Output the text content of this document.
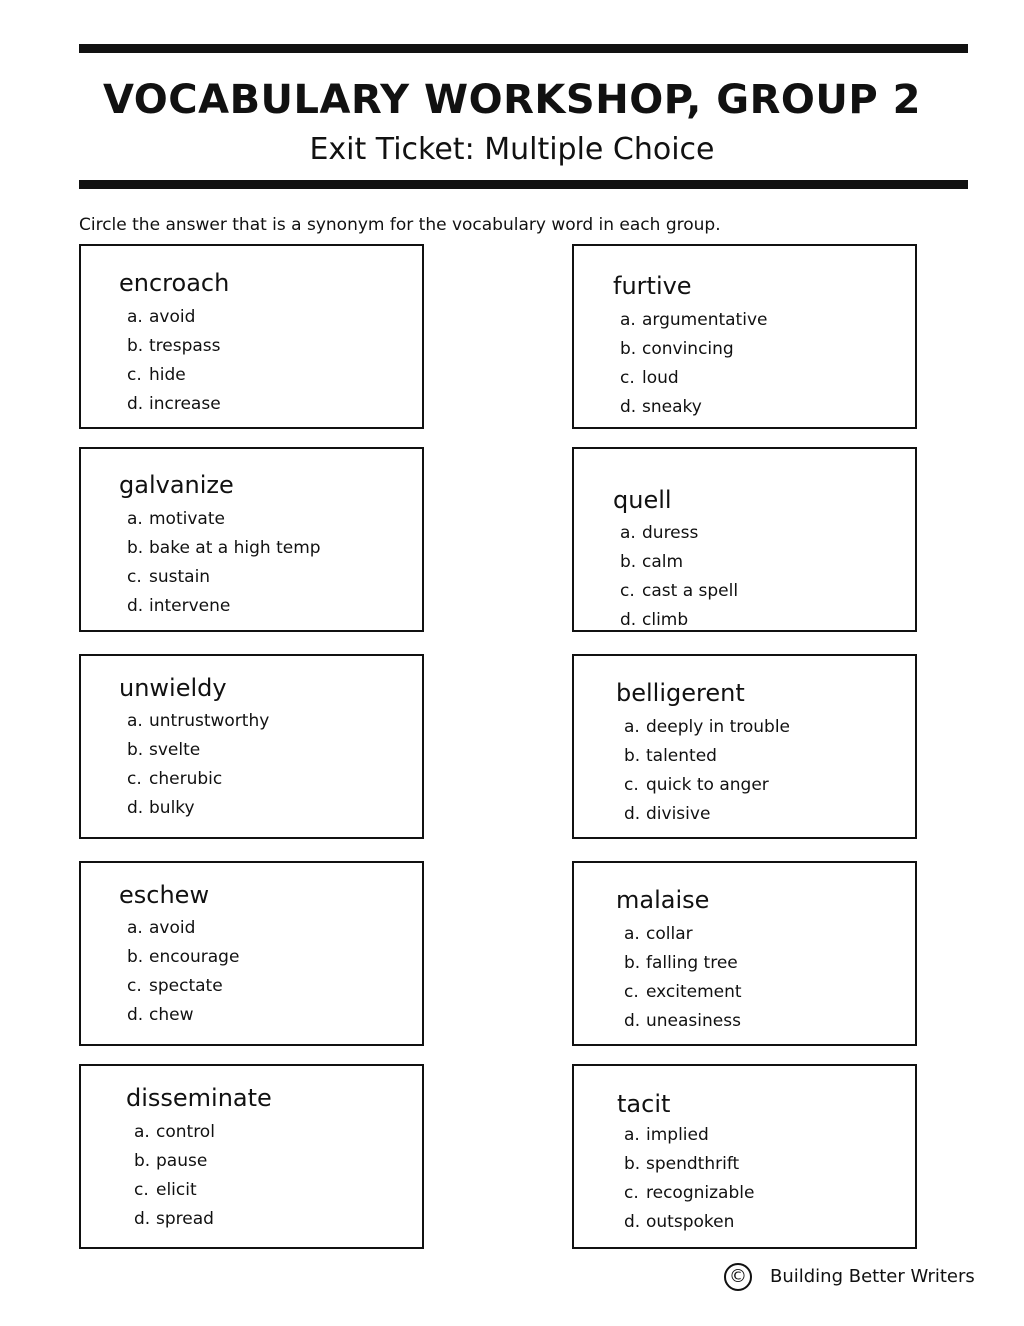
VOCABULARY WORKSHOP, GROUP 2
Exit Ticket: Multiple Choice
Circle the answer that is a synonym for the vocabulary word in each group.
encroach
a. avoid
b. trespass
c. hide
d. increase
furtive
a. argumentative
b. convincing
c. loud
d. sneaky
galvanize
a. motivate
b. bake at a high temp
c. sustain
d. intervene
quell
a. duress
b. calm
c. cast a spell
d. climb
unwieldy
a. untrustworthy
b. svelte
c. cherubic
d. bulky
belligerent
a. deeply in trouble
b. talented
c. quick to anger
d. divisive
eschew
a. avoid
b. encourage
c. spectate
d. chew
malaise
a. collar
b. falling tree
c. excitement
d. uneasiness
disseminate
a. control
b. pause
c. elicit
d. spread
tacit
a. implied
b. spendthrift
c. recognizable
d. outspoken
© Building Better Writers
